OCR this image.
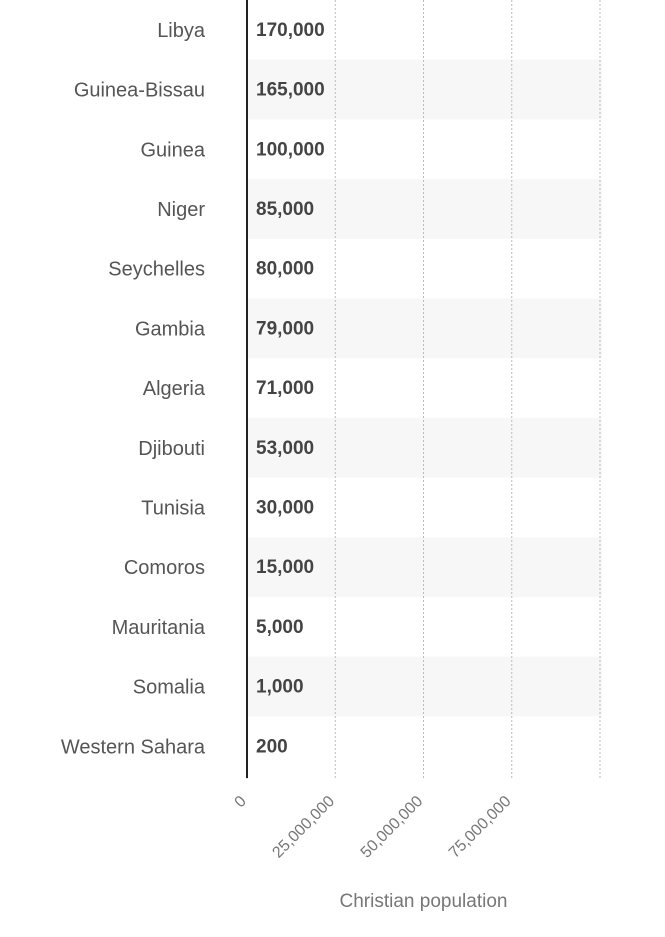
Libya
Guinea-Bissau
Guinea
Niger
Seychelles
Gambia
Algeria
Djibouti
Tunisia
Comoros
Mauritania
Somalia
Western Sahara
170,000
165,000
100,000
85,000
80,000
79,000
71,000
53,000
30,000
15,000
5,000
1,000
200
0 25,000,000 50,000,000 75,000,000
Christian population
